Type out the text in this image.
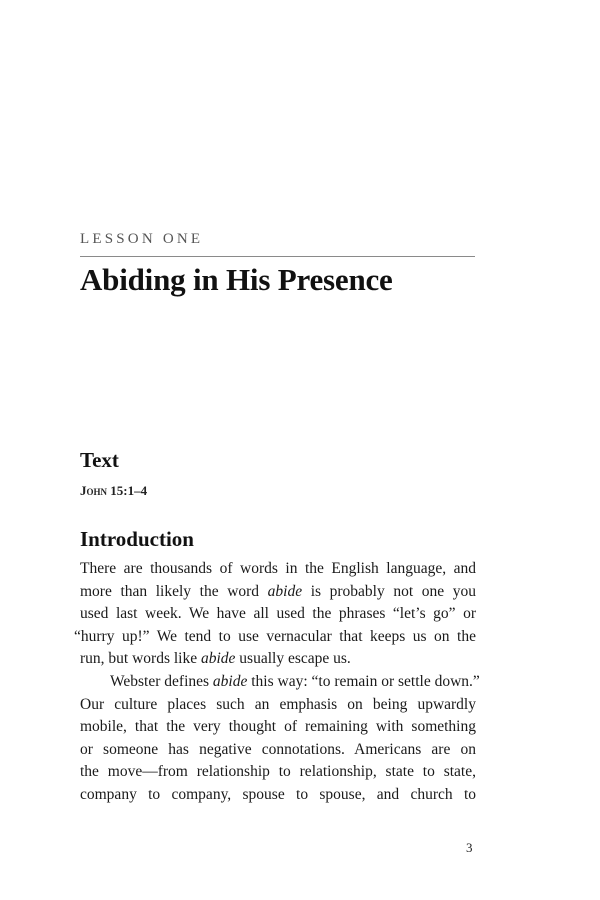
LESSON ONE
Abiding in His Presence
Text
John 15:1–4
Introduction
There are thousands of words in the English language, and
more than likely the word abide is probably not one you
used last week. We have all used the phrases “let’s go” or
“hurry up!” We tend to use vernacular that keeps us on the
run, but words like abide usually escape us.
Webster defines abide this way: “to remain or settle down.”
Our culture places such an emphasis on being upwardly
mobile, that the very thought of remaining with something
or someone has negative connotations. Americans are on
the move—from relationship to relationship, state to state,
company to company, spouse to spouse, and church to
3
